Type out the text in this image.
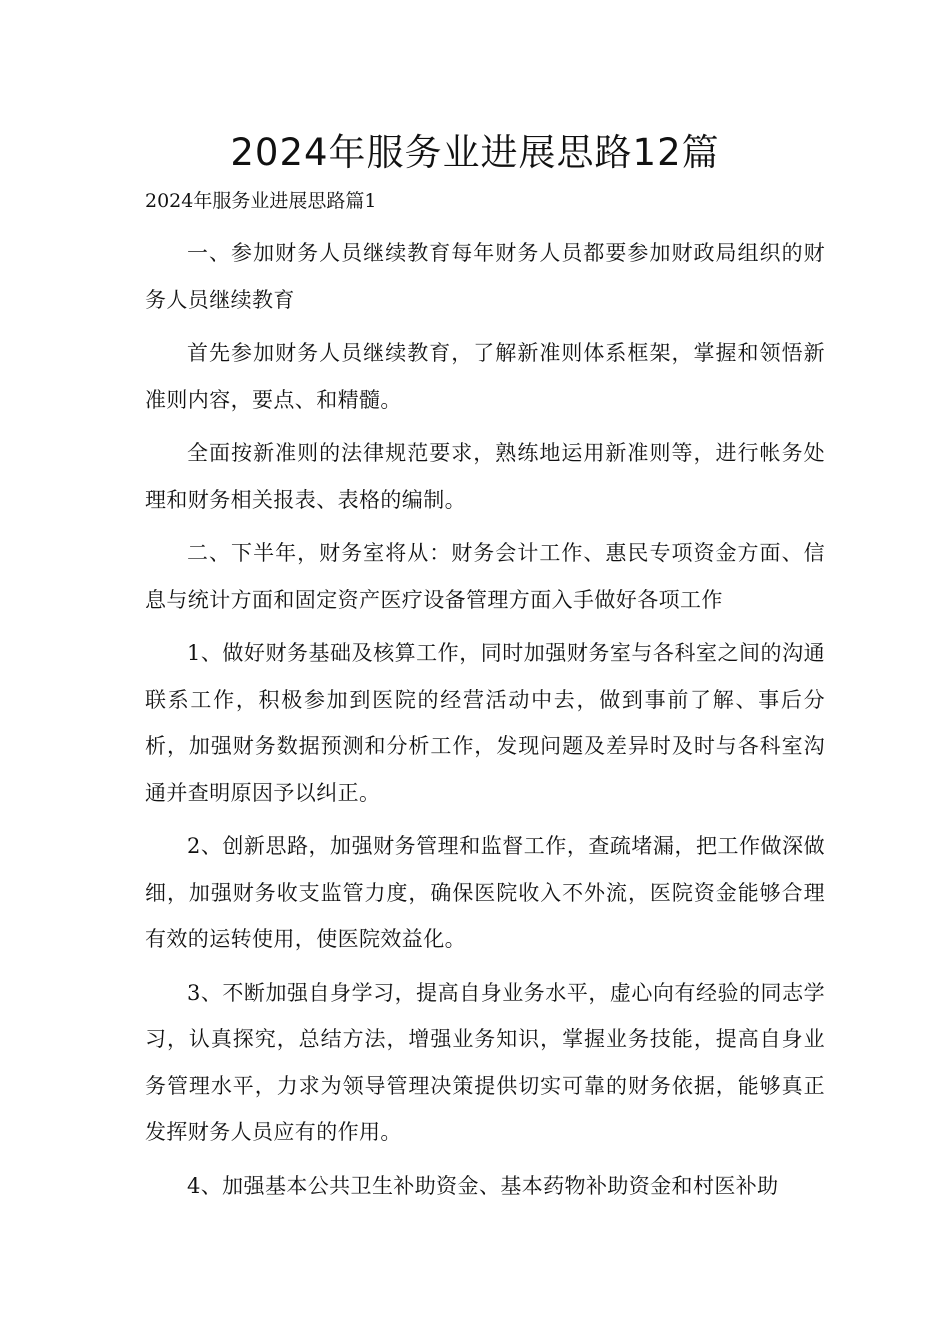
2024年服务业进展思路12篇

2024年服务业进展思路篇1

一、参加财务人员继续教育每年财务人员都要参加财政局组织的财务人员继续教育

首先参加财务人员继续教育，了解新准则体系框架，掌握和领悟新准则内容，要点、和精髓。

全面按新准则的法律规范要求，熟练地运用新准则等，进行帐务处理和财务相关报表、表格的编制。

二、下半年，财务室将从：财务会计工作、惠民专项资金方面、信息与统计方面和固定资产医疗设备管理方面入手做好各项工作

1、做好财务基础及核算工作，同时加强财务室与各科室之间的沟通联系工作，积极参加到医院的经营活动中去，做到事前了解、事后分析，加强财务数据预测和分析工作，发现问题及差异时及时与各科室沟通并查明原因予以纠正。

2、创新思路，加强财务管理和监督工作，查疏堵漏，把工作做深做细，加强财务收支监管力度，确保医院收入不外流，医院资金能够合理有效的运转使用，使医院效益化。

3、不断加强自身学习，提高自身业务水平，虚心向有经验的同志学习，认真探究，总结方法，增强业务知识，掌握业务技能，提高自身业务管理水平，力求为领导管理决策提供切实可靠的财务依据，能够真正发挥财务人员应有的作用。

4、加强基本公共卫生补助资金、基本药物补助资金和村医补助
